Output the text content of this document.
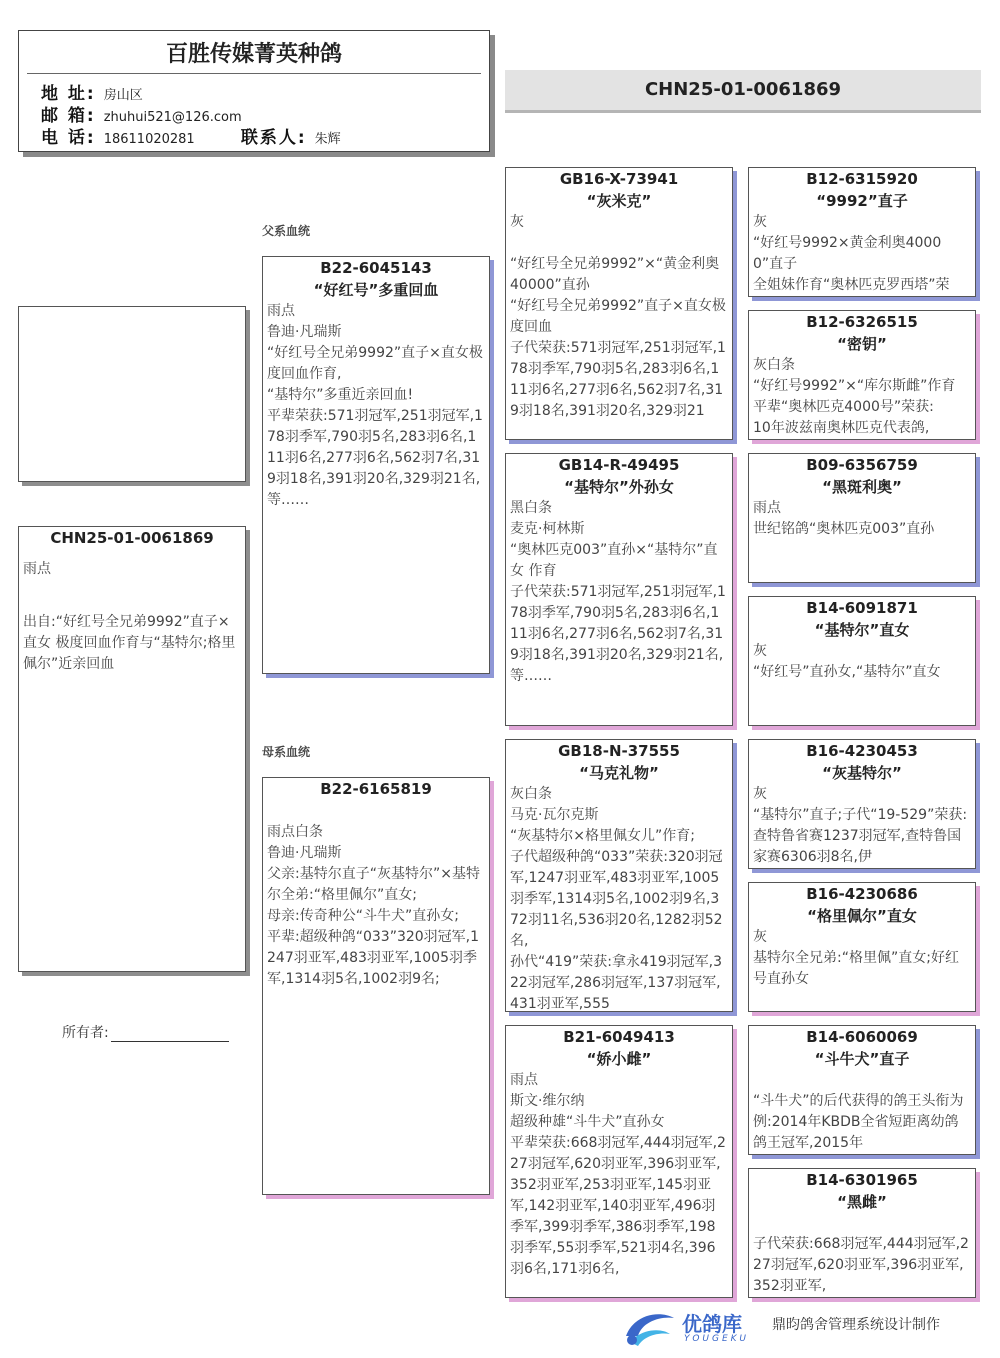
百胜传媒菁英种鸽
地 址: 房山区
邮 箱: zhuhui521@126.com
电 话: 18611020281	联系人: 朱辉
CHN25-01-0061869
父系血统
母系血统
CHN25-01-0061869
雨点
出自:“好红号全兄弟9992”直子×直女 极度回血作育与“基特尔;格里佩尔”近亲回血
B22-6045143
“好红号”多重回血
雨点
鲁迪·凡瑞斯
“好红号全兄弟9992”直子×直女极度回血作育,
“基特尔”多重近亲回血!
平辈荣获:571羽冠军,251羽冠军,178羽季军,790羽5名,283羽6名,111羽6名,277羽6名,562羽7名,319羽18名,391羽20名,329羽21名,等……
B22-6165819
雨点白条
鲁迪·凡瑞斯
父亲:基特尔直子“灰基特尔”×基特尔全弟:“格里佩尔”直女;
母亲:传奇种公“斗牛犬”直孙女;
平辈:超级种鸽“033”320羽冠军,1247羽亚军,483羽亚军,1005羽季军,1314羽5名,1002羽9名;
GB16-X-73941
“灰米克”
灰
“好红号全兄弟9992”×“黄金利奥40000”直孙
“好红号全兄弟9992”直子×直女极度回血
子代荣获:571羽冠军,251羽冠军,178羽季军,790羽5名,283羽6名,111羽6名,277羽6名,562羽7名,319羽18名,391羽20名,329羽21
GB14-R-49495
“基特尔”外孙女
黑白条
麦克·柯林斯
“奥林匹克003”直孙×“基特尔”直女 作育
子代荣获:571羽冠军,251羽冠军,178羽季军,790羽5名,283羽6名,111羽6名,277羽6名,562羽7名,319羽18名,391羽20名,329羽21名,等……
GB18-N-37555
“马克礼物”
灰白条
马克·瓦尔克斯
“灰基特尔×格里佩女儿”作育;
子代超级种鸽“033”荣获:320羽冠军,1247羽亚军,483羽亚军,1005羽季军,1314羽5名,1002羽9名,372羽11名,536羽20名,1282羽52名,
孙代“419”荣获:拿永419羽冠军,322羽冠军,286羽冠军,137羽冠军,431羽亚军,555
B21-6049413
“娇小雌”
雨点
斯文·维尔纳
超级种雄“斗牛犬”直孙女
平辈荣获:668羽冠军,444羽冠军,227羽冠军,620羽亚军,396羽亚军,352羽亚军,253羽亚军,145羽亚军,142羽亚军,140羽亚军,496羽季军,399羽季军,386羽季军,198羽季军,55羽季军,521羽4名,396羽6名,171羽6名,
B12-6315920
“9992”直子
灰
“好红号9992×黄金利奥40000”直子
全姐妹作育“奥林匹克罗西塔”荣
B12-6326515
“密钥”
灰白条
“好红号9992”×“库尔斯雌”作育
平辈“奥林匹克4000号”荣获:
10年波兹南奥林匹克代表鸽,
B09-6356759
“黑斑利奥”
雨点
世纪铭鸽“奥林匹克003”直孙
B14-6091871
“基特尔”直女
灰
“好红号”直孙女,“基特尔”直女
B16-4230453
“灰基特尔”
灰
“基特尔”直子;子代“19-529”荣获:查特鲁省赛1237羽冠军,查特鲁国家赛6306羽8名,伊
B16-4230686
“格里佩尔”直女
灰
基特尔全兄弟:“格里佩”直女;好红号直孙女
B14-6060069
“斗牛犬”直子
“斗牛犬”的后代获得的鸽王头衔为例:2014年KBDB全省短距离幼鸽鸽王冠军,2015年
B14-6301965
“黑雌”
子代荣获:668羽冠军,444羽冠军,227羽冠军,620羽亚军,396羽亚军,352羽亚军,
所有者:
优鸽库
YOUGEKU
鼎昀鸽舍管理系统设计制作
